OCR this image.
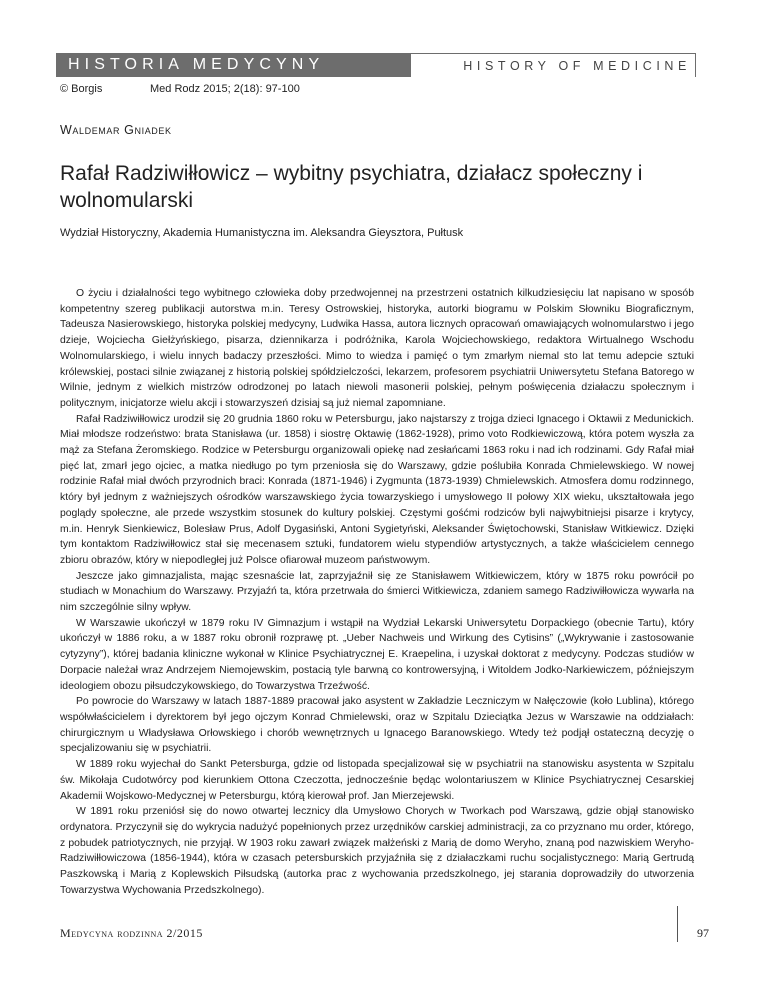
HISTORIA MEDYCYNY	HISTORY OF MEDICINE
© Borgis	Med Rodz 2015; 2(18): 97-100
Waldemar Gniadek
Rafał Radziwiłłowicz – wybitny psychiatra, działacz społeczny i wolnomularski
Wydział Historyczny, Akademia Humanistyczna im. Aleksandra Gieysztora, Pułtusk

O życiu i działalności tego wybitnego człowieka doby przedwojennej na przestrzeni ostatnich kilkudziesięciu lat napisano w sposób kompetentny szereg publikacji autorstwa m.in. Teresy Ostrowskiej, historyka, autorki biogramu w Polskim Słowniku Biograficznym, Tadeusza Nasierowskiego, historyka polskiej medycyny, Ludwika Hassa, autora licznych opracowań omawiających wolnomularstwo i jego dzieje, Wojciecha Giełżyńskiego, pisarza, dziennikarza i podróżnika, Karola Wojciechowskiego, redaktora Wirtualnego Wschodu Wolnomularskiego, i wielu innych badaczy przeszłości. Mimo to wiedza i pamięć o tym zmarłym niemal sto lat temu adepcie sztuki królewskiej, postaci silnie związanej z historią polskiej spółdzielczości, lekarzem, profesorem psychiatrii Uniwersytetu Stefana Batorego w Wilnie, jednym z wielkich mistrzów odrodzonej po latach niewoli masonerii polskiej, pełnym poświęcenia działaczu społecznym i politycznym, inicjatorze wielu akcji i stowarzyszeń dzisiaj są już niemal zapomniane.

Rafał Radziwiłłowicz urodził się 20 grudnia 1860 roku w Petersburgu, jako najstarszy z trojga dzieci Ignacego i Oktawii z Medunickich. Miał młodsze rodzeństwo: brata Stanisława (ur. 1858) i siostrę Oktawię (1862-1928), primo voto Rodkiewiczową, która potem wyszła za mąż za Stefana Żeromskiego. Rodzice w Petersburgu organizowali opiekę nad zesłańcami 1863 roku i nad ich rodzinami. Gdy Rafał miał pięć lat, zmarł jego ojciec, a matka niedługo po tym przeniosła się do Warszawy, gdzie poślubiła Konrada Chmielewskiego. W nowej rodzinie Rafał miał dwóch przyrodnich braci: Konrada (1871-1946) i Zygmunta (1873-1939) Chmielewskich. Atmosfera domu rodzinnego, który był jednym z ważniejszych ośrodków warszawskiego życia towarzyskiego i umysłowego II połowy XIX wieku, ukształtowała jego poglądy społeczne, ale przede wszystkim stosunek do kultury polskiej. Częstymi gośćmi rodziców byli najwybitniejsi pisarze i krytycy, m.in. Henryk Sienkiewicz, Bolesław Prus, Adolf Dygasiński, Antoni Sygietyński, Aleksander Świętochowski, Stanisław Witkiewicz. Dzięki tym kontaktom Radziwiłłowicz stał się mecenasem sztuki, fundatorem wielu stypendiów artystycznych, a także właścicielem cennego zbioru obrazów, który w niepodległej już Polsce ofiarował muzeom państwowym.

Jeszcze jako gimnazjalista, mając szesnaście lat, zaprzyjaźnił się ze Stanisławem Witkiewiczem, który w 1875 roku powrócił po studiach w Monachium do Warszawy. Przyjaźń ta, która przetrwała do śmierci Witkiewicza, zdaniem samego Radziwiłłowicza wywarła na nim szczególnie silny wpływ.

W Warszawie ukończył w 1879 roku IV Gimnazjum i wstąpił na Wydział Lekarski Uniwersytetu Dorpackiego (obecnie Tartu), który ukończył w 1886 roku, a w 1887 roku obronił rozprawę pt. „Ueber Nachweis und Wirkung des Cytisins” („Wykrywanie i zastosowanie cytyzyny”), której badania kliniczne wykonał w Klinice Psychiatrycznej E. Kraepelina, i uzyskał doktorat z medycyny. Podczas studiów w Dorpacie należał wraz Andrzejem Niemojewskim, postacią tyle barwną co kontrowersyjną, i Witoldem Jodko-Narkiewiczem, późniejszym ideologiem obozu piłsudczykowskiego, do Towarzystwa Trzeźwość.

Po powrocie do Warszawy w latach 1887-1889 pracował jako asystent w Zakładzie Leczniczym w Nałęczowie (koło Lublina), którego współwłaścicielem i dyrektorem był jego ojczym Konrad Chmielewski, oraz w Szpitalu Dzieciątka Jezus w Warszawie na oddziałach: chirurgicznym u Władysława Orłowskiego i chorób wewnętrznych u Ignacego Baranowskiego. Wtedy też podjął ostateczną decyzję o specjalizowaniu się w psychiatrii.

W 1889 roku wyjechał do Sankt Petersburga, gdzie od listopada specjalizował się w psychiatrii na stanowisku asystenta w Szpitalu św. Mikołaja Cudotwórcy pod kierunkiem Ottona Czeczotta, jednocześnie będąc wolontariuszem w Klinice Psychiatrycznej Cesarskiej Akademii Wojskowo-Medycznej w Petersburgu, którą kierował prof. Jan Mierzejewski.

W 1891 roku przeniósł się do nowo otwartej lecznicy dla Umysłowo Chorych w Tworkach pod Warszawą, gdzie objął stanowisko ordynatora. Przyczynił się do wykrycia nadużyć popełnionych przez urzędników carskiej administracji, za co przyznano mu order, którego, z pobudek patriotycznych, nie przyjął. W 1903 roku zawarł związek małżeński z Marią de domo Weryho, znaną pod nazwiskiem Weryho-Radziwiłłowiczowa (1856-1944), która w czasach petersburskich przyjaźniła się z działaczkami ruchu socjalistycznego: Marią Gertrudą Paszkowską i Marią z Koplewskich Piłsudską (autorka prac z wychowania przedszkolnego, jej starania doprowadziły do utworzenia Towarzystwa Wychowania Przedszkolnego).

Medycyna rodzinna 2/2015	97
